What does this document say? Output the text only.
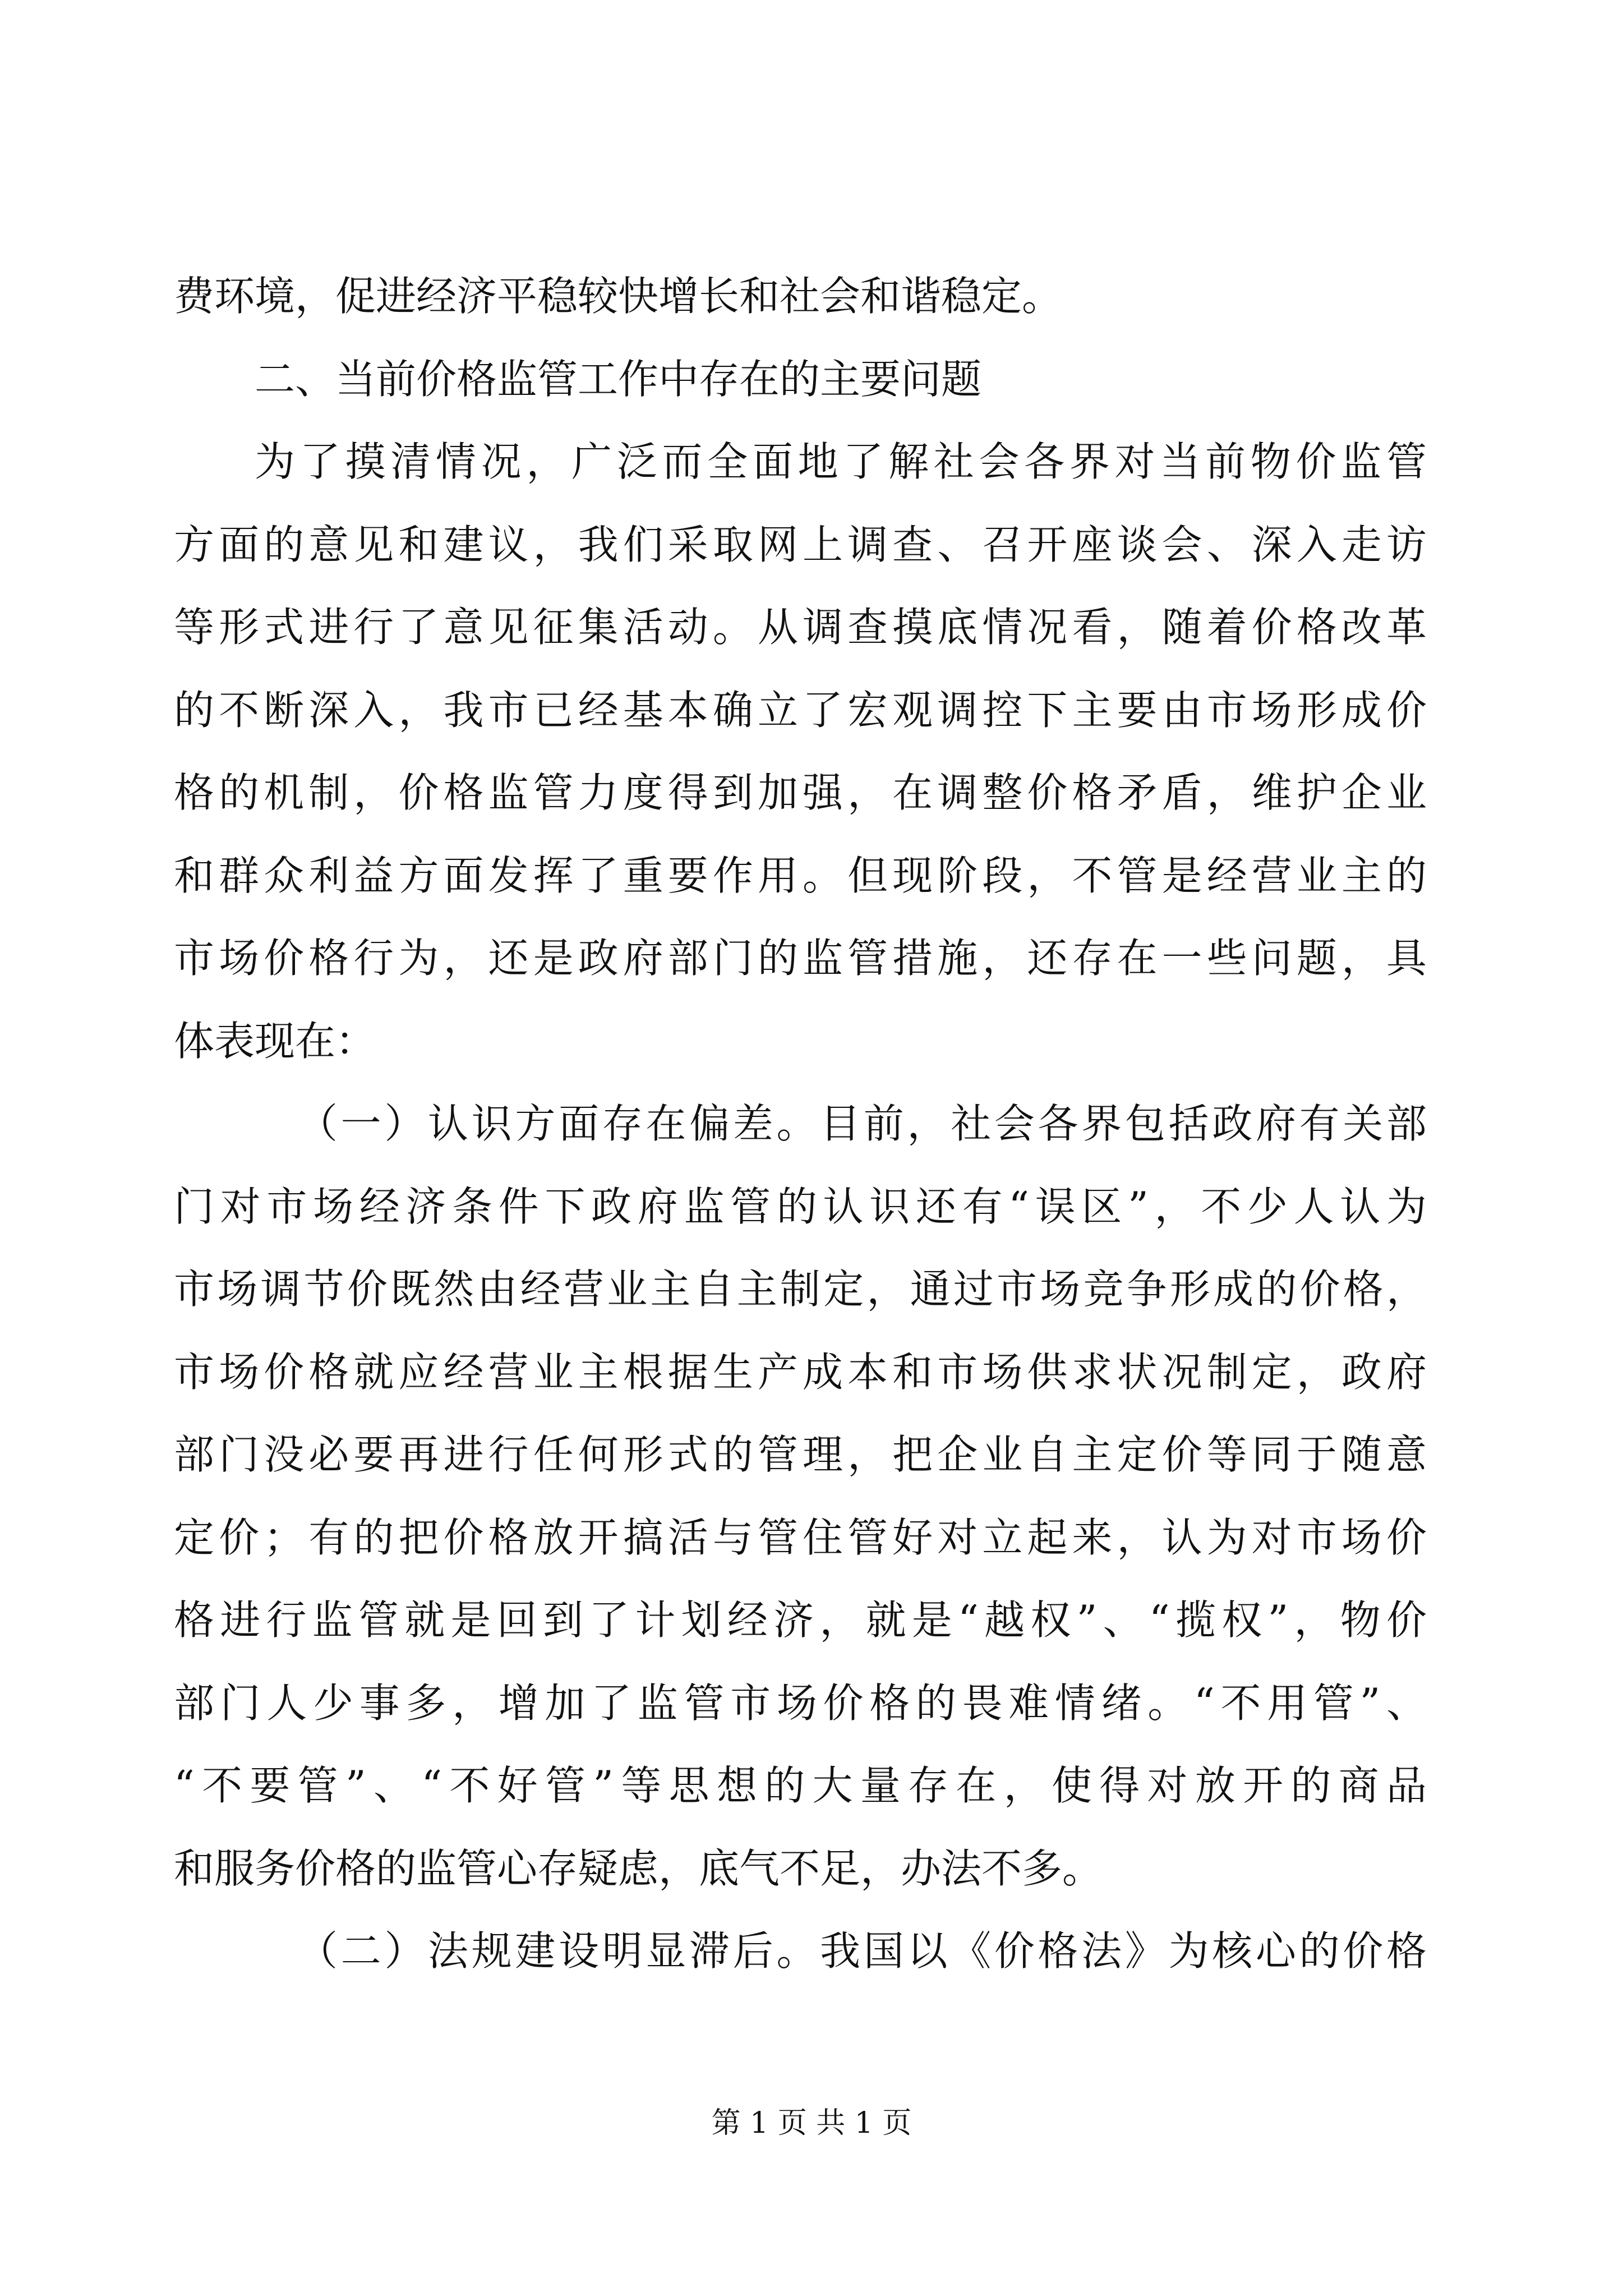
费环境，促进经济平稳较快增长和社会和谐稳定。
二、当前价格监管工作中存在的主要问题
为了摸清情况，广泛而全面地了解社会各界对当前物价监管
方面的意见和建议，我们采取网上调查、召开座谈会、深入走访
等形式进行了意见征集活动。从调查摸底情况看，随着价格改革
的不断深入，我市已经基本确立了宏观调控下主要由市场形成价
格的机制，价格监管力度得到加强，在调整价格矛盾，维护企业
和群众利益方面发挥了重要作用。但现阶段，不管是经营业主的
市场价格行为，还是政府部门的监管措施，还存在一些问题，具
体表现在：
（一）认识方面存在偏差。目前，社会各界包括政府有关部
门对市场经济条件下政府监管的认识还有“误区”，不少人认为
市场调节价既然由经营业主自主制定，通过市场竞争形成的价格，
市场价格就应经营业主根据生产成本和市场供求状况制定，政府
部门没必要再进行任何形式的管理，把企业自主定价等同于随意
定价；有的把价格放开搞活与管住管好对立起来，认为对市场价
格进行监管就是回到了计划经济，就是“越权”、“揽权”，物价
部门人少事多，增加了监管市场价格的畏难情绪。“不用管”、
“不要管”、“不好管”等思想的大量存在，使得对放开的商品
和服务价格的监管心存疑虑，底气不足，办法不多。
（二）法规建设明显滞后。我国以《价格法》为核心的价格
第 1 页 共 1 页
